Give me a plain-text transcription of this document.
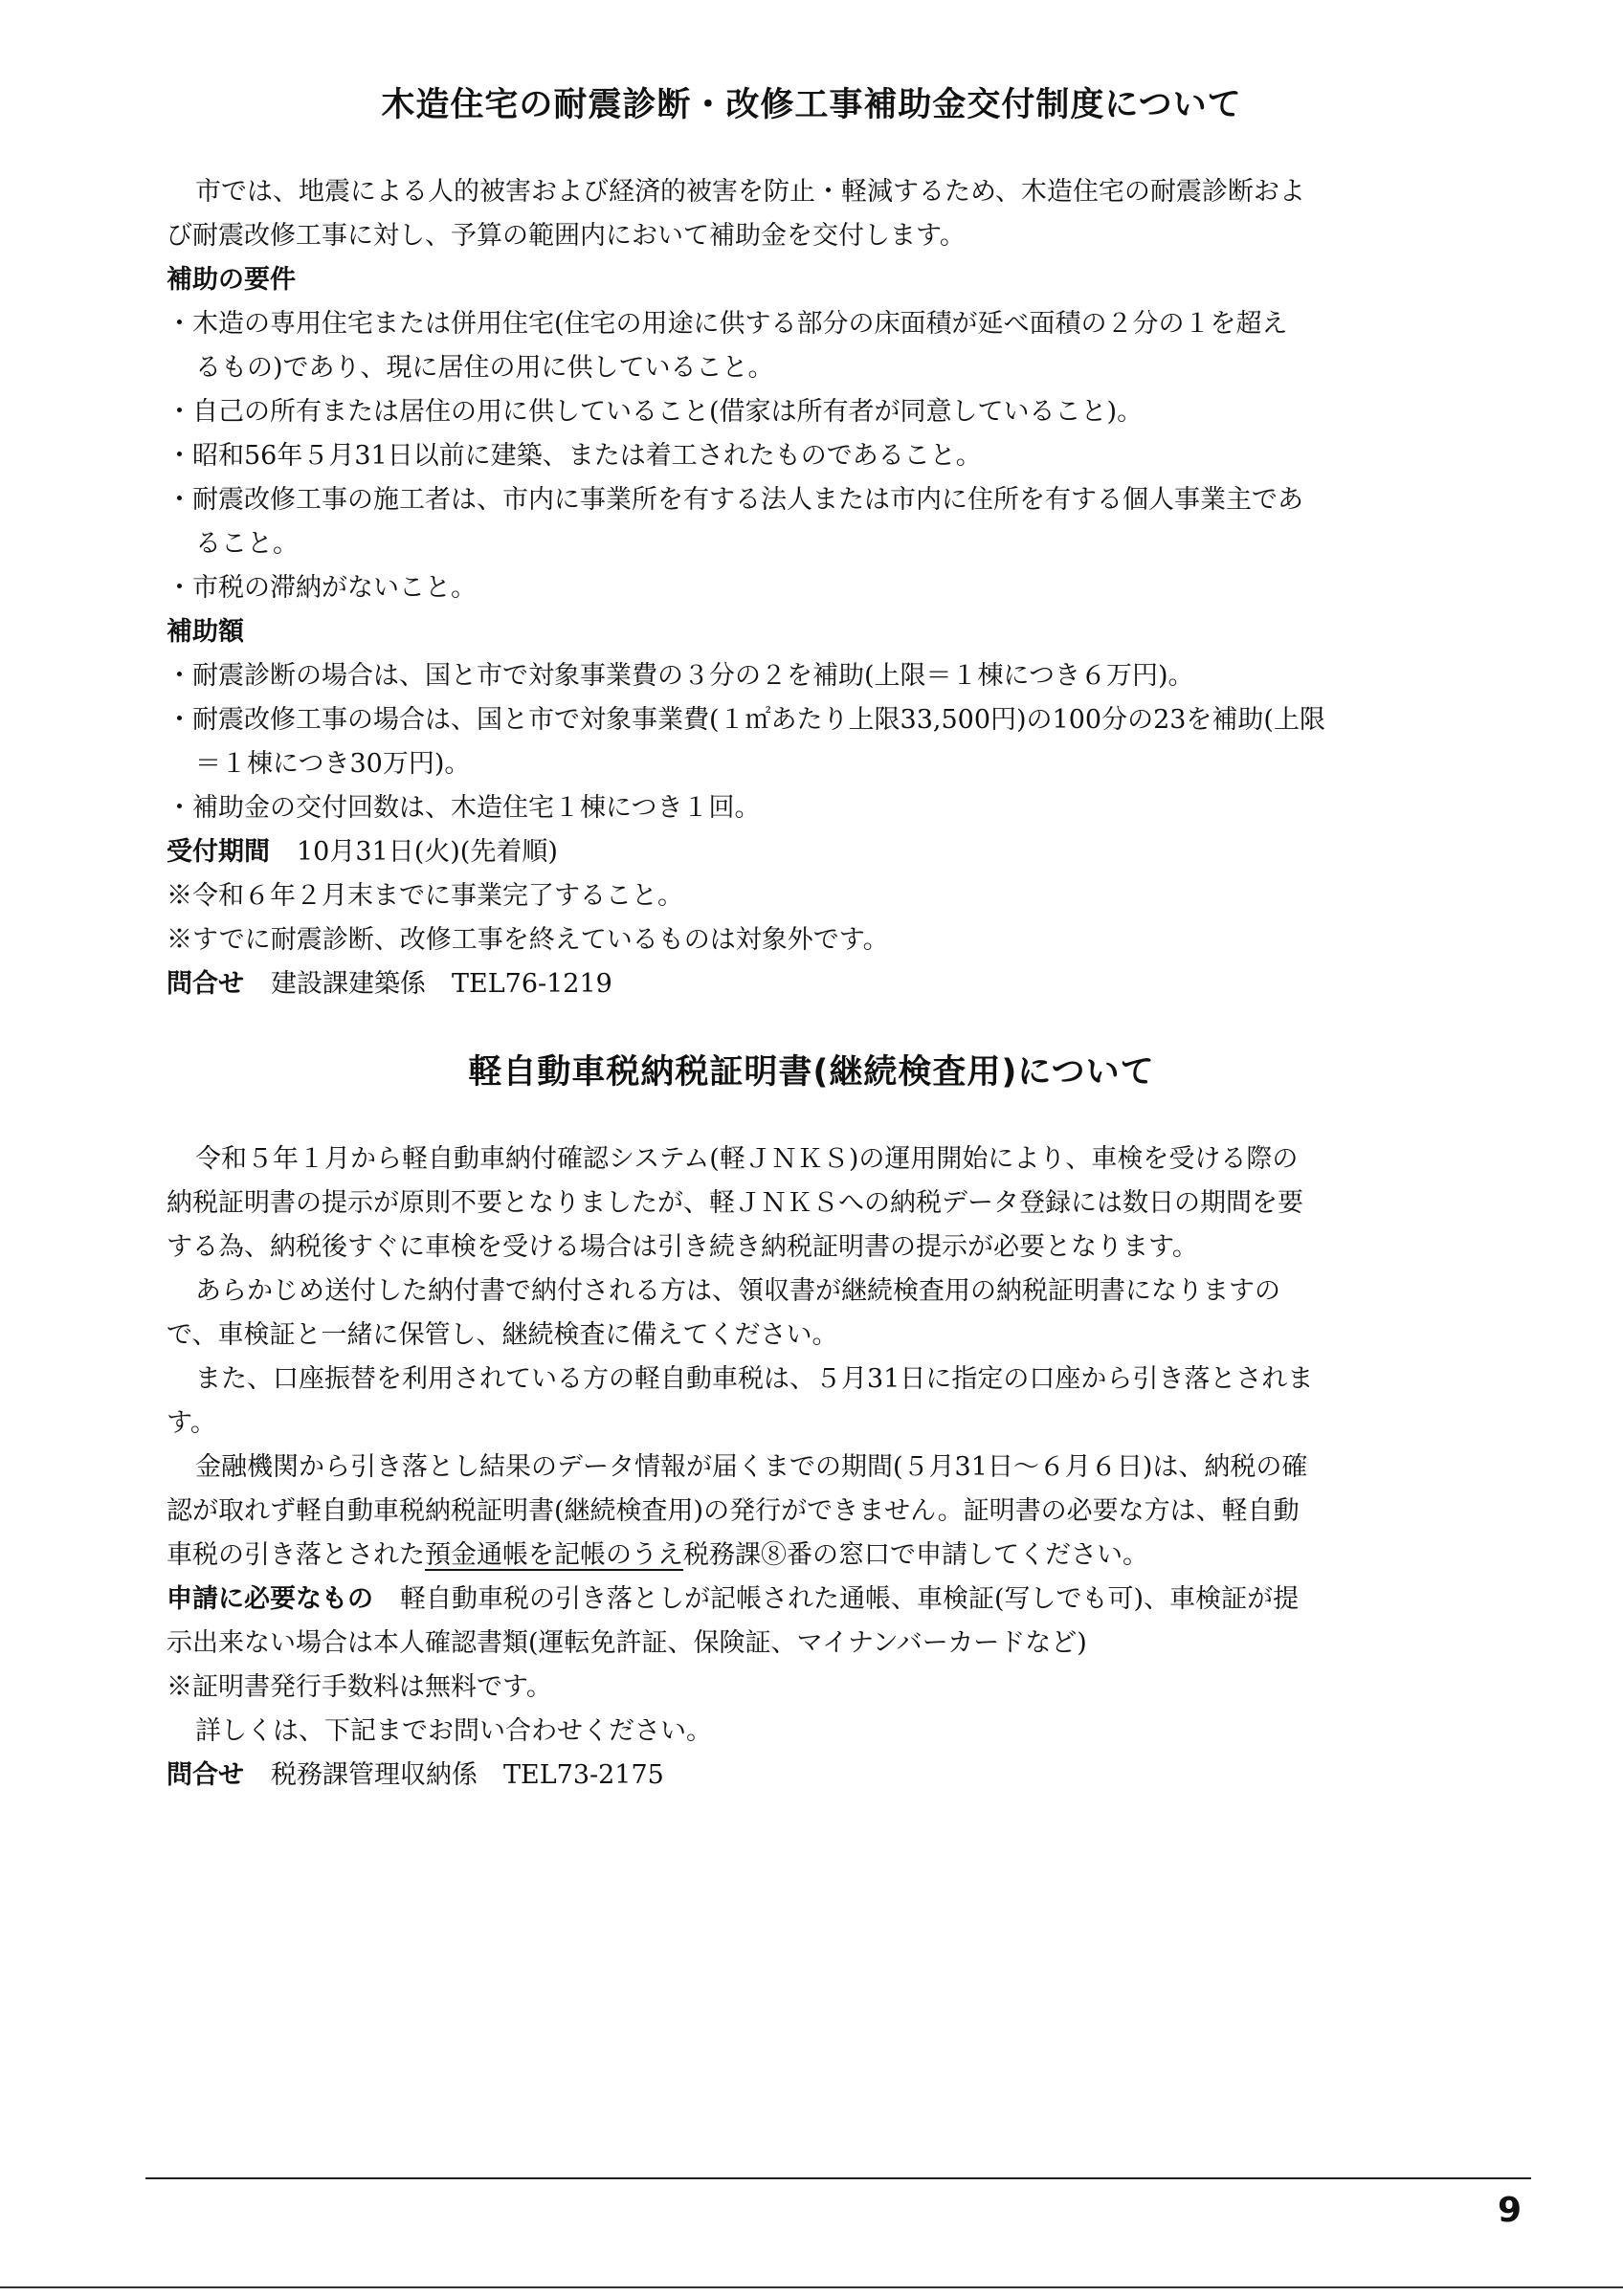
木造住宅の耐震診断・改修工事補助金交付制度について

市では、地震による人的被害および経済的被害を防止・軽減するため、木造住宅の耐震診断およ

び耐震改修工事に対し、予算の範囲内において補助金を交付します。

補助の要件

・木造の専用住宅または併用住宅(住宅の用途に供する部分の床面積が延べ面積の２分の１を超え

るもの)であり、現に居住の用に供していること。

・自己の所有または居住の用に供していること(借家は所有者が同意していること)。

・昭和56年５月31日以前に建築、または着工されたものであること。

・耐震改修工事の施工者は、市内に事業所を有する法人または市内に住所を有する個人事業主であ

ること。

・市税の滞納がないこと。

補助額

・耐震診断の場合は、国と市で対象事業費の３分の２を補助(上限＝１棟につき６万円)。

・耐震改修工事の場合は、国と市で対象事業費(１㎡あたり上限33,500円)の100分の23を補助(上限

＝１棟につき30万円)。

・補助金の交付回数は、木造住宅１棟につき１回。

受付期間 10月31日(火)(先着順)

※令和６年２月末までに事業完了すること。

※すでに耐震診断、改修工事を終えているものは対象外です。

問合せ 建設課建築係　TEL76-1219

軽自動車税納税証明書(継続検査用)について

令和５年１月から軽自動車納付確認システム(軽ＪＮＫＳ)の運用開始により、車検を受ける際の

納税証明書の提示が原則不要となりましたが、軽ＪＮＫＳへの納税データ登録には数日の期間を要

する為、納税後すぐに車検を受ける場合は引き続き納税証明書の提示が必要となります。

あらかじめ送付した納付書で納付される方は、領収書が継続検査用の納税証明書になりますの

で、車検証と一緒に保管し、継続検査に備えてください。

また、口座振替を利用されている方の軽自動車税は、５月31日に指定の口座から引き落とされま

す。

金融機関から引き落とし結果のデータ情報が届くまでの期間(５月31日～６月６日)は、納税の確

認が取れず軽自動車税納税証明書(継続検査用)の発行ができません。証明書の必要な方は、軽自動

車税の引き落とされた預金通帳を記帳のうえ税務課⑧番の窓口で申請してください。

申請に必要なもの 軽自動車税の引き落としが記帳された通帳、車検証(写しでも可)、車検証が提

示出来ない場合は本人確認書類(運転免許証、保険証、マイナンバーカードなど)

※証明書発行手数料は無料です。

詳しくは、下記までお問い合わせください。

問合せ 税務課管理収納係　TEL73-2175

9
